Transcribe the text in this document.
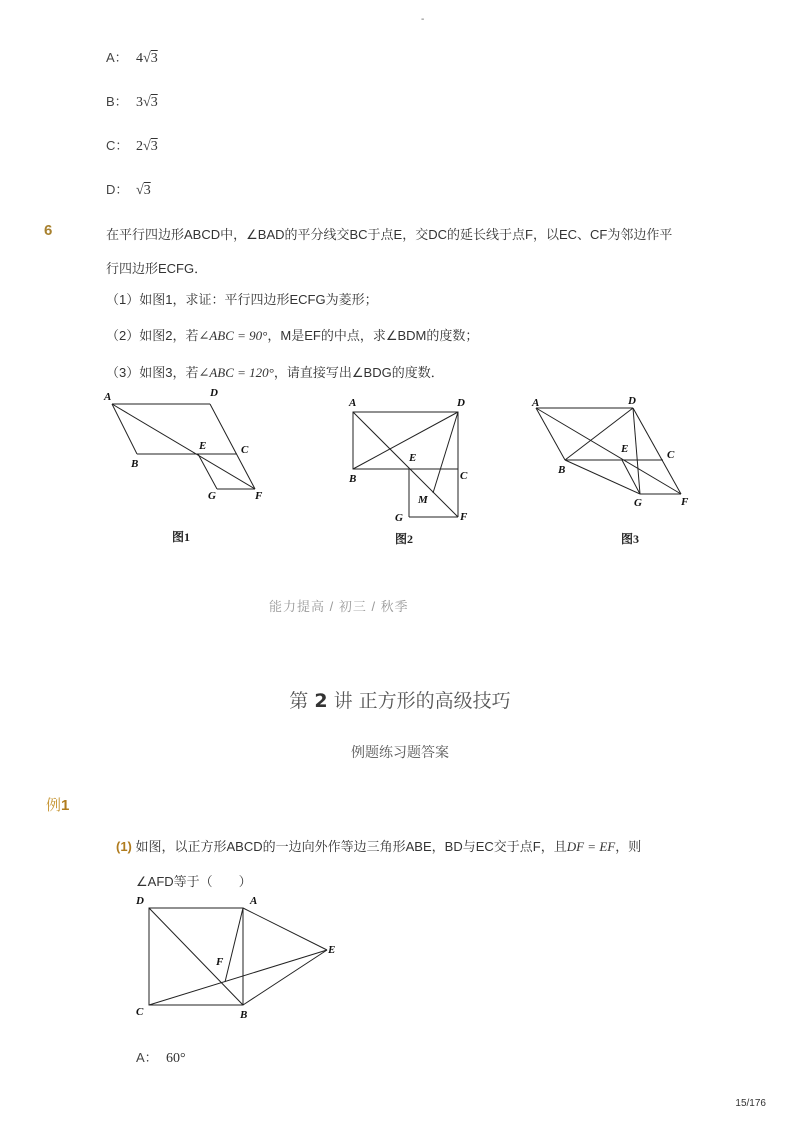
-
A： 4√3
B： 3√3
C： 2√3
D： √3
6	在平行四边形ABCD中，∠BAD的平分线交BC于点E，交DC的延长线于点F，以EC、CF为邻边作平
行四边形ECFG．
（1）如图1，求证：平行四边形ECFG为菱形；
（2）如图2，若∠ABC = 90°，M是EF的中点，求∠BDM的度数；
（3）如图3，若∠ABC = 120°，请直接写出∠BDG的度数．
A	D
E	C
B
G	F
图1
A	D
E
C
B
M
G	F
图2
A	D
E	C
B
G	F
图3
能力提高 / 初三 / 秋季
第 2 讲 正方形的高级技巧
例题练习题答案
例1
(1) 如图，以正方形ABCD的一边向外作等边三角形ABE，BD与EC交于点F，且DF = EF，则
∠AFD等于（　　）
D	A
E
F
C	B
A： 60°
15/176
